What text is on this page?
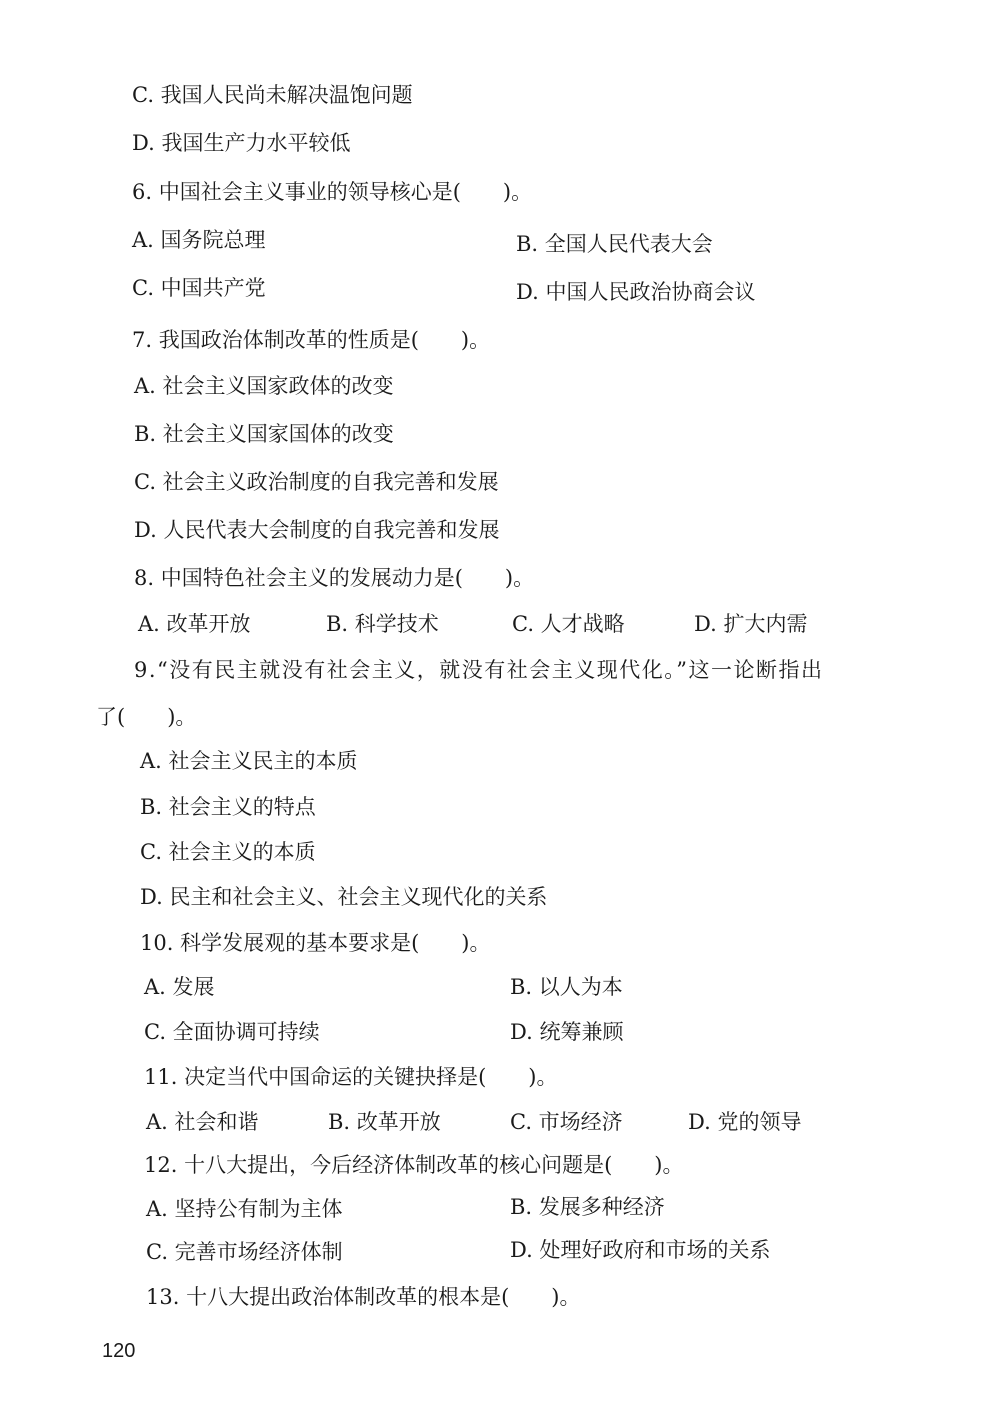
C. 我国人民尚未解决温饱问题
D. 我国生产力水平较低
6. 中国社会主义事业的领导核心是(　　)。
A. 国务院总理	B. 全国人民代表大会
C. 中国共产党	D. 中国人民政治协商会议
7. 我国政治体制改革的性质是(　　)。
A. 社会主义国家政体的改变
B. 社会主义国家国体的改变
C. 社会主义政治制度的自我完善和发展
D. 人民代表大会制度的自我完善和发展
8. 中国特色社会主义的发展动力是(　　)。
A. 改革开放	B. 科学技术	C. 人才战略	D. 扩大内需
9.“没有民主就没有社会主义，就没有社会主义现代化。”这一论断指出
了(　　)。
A. 社会主义民主的本质
B. 社会主义的特点
C. 社会主义的本质
D. 民主和社会主义、社会主义现代化的关系
10. 科学发展观的基本要求是(　　)。
A. 发展	B. 以人为本
C. 全面协调可持续	D. 统筹兼顾
11. 决定当代中国命运的关键抉择是(　　)。
A. 社会和谐	B. 改革开放	C. 市场经济	D. 党的领导
12. 十八大提出，今后经济体制改革的核心问题是(　　)。
A. 坚持公有制为主体	B. 发展多种经济
C. 完善市场经济体制	D. 处理好政府和市场的关系
13. 十八大提出政治体制改革的根本是(　　)。
120
